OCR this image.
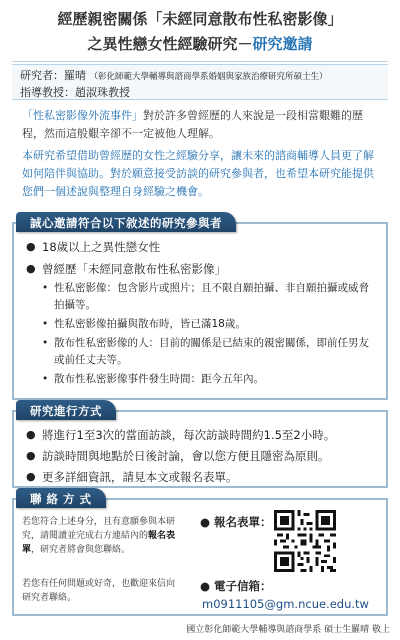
經歷親密關係「未經同意散布性私密影像」
之異性戀女性經驗研究－研究邀請
研究者：羅晴 （彰化師範大學輔導與諮商學系婚姻與家族治療研究所碩士生）
指導教授：趙淑珠教授

「性私密影像外流事件」對於許多曾經歷的人來說是一段相當艱難的歷程，然而這般艱辛卻不一定被他人理解。

本研究希望借助曾經歷的女性之經驗分享，讓未來的諮商輔導人員更了解如何陪伴與協助。對於願意接受訪談的研究參與者，也希望本研究能提供您們一個述說與整理自身經驗之機會。

● 18歲以上之異性戀女性
● 曾經歷「未經同意散布性私密影像」
• 性私密影像：包含影片或照片；且不限自願拍攝、非自願拍攝或威脅拍攝等。
• 性私密影像拍攝與散布時，皆已滿18歲。
• 散布性私密影像的人：目前的關係是已結束的親密關係，即前任男友或前任丈夫等。
• 散布性私密影像事件發生時間：距今五年內。
誠心邀請符合以下敘述的研究參與者
● 將進行1至3次的當面訪談，每次訪談時間約1.5至2小時。
● 訪談時間與地點於日後討論，會以您方便且隱密為原則。
● 更多詳細資訊，請見本文或報名表單。
研究進行方式
聯 絡 方 式
若您符合上述身分，且有意願參與本研究，請閱讀並完成右方連結內的報名表單，研究者將會與您聯絡。
若您有任何問題或好奇，也歡迎來信向研究者聯絡。
● 報名表單：
● 電子信箱：
m0911105@gm.ncue.edu.tw
國立彰化師範大學輔導與諮商學系 碩士生羅晴 敬上
